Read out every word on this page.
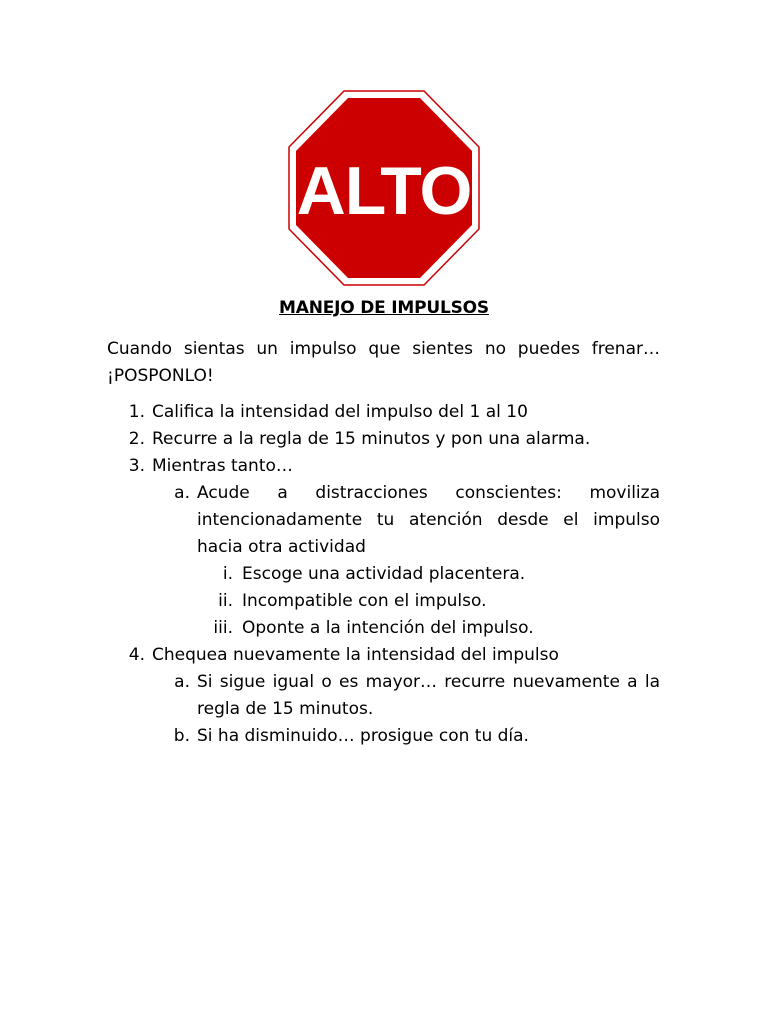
ALTO
MANEJO DE IMPULSOS
Cuando sientas un impulso que sientes no puedes frenar… ¡POSPONLO!
1. Califica la intensidad del impulso del 1 al 10
2. Recurre a la regla de 15 minutos y pon una alarma.
3. Mientras tanto…
a. Acude a distracciones conscientes: moviliza intencionadamente tu atención desde el impulso hacia otra actividad
i. Escoge una actividad placentera.
ii. Incompatible con el impulso.
iii. Oponte a la intención del impulso.
4. Chequea nuevamente la intensidad del impulso
a. Si sigue igual o es mayor… recurre nuevamente a la regla de 15 minutos.
b. Si ha disminuido… prosigue con tu día.
